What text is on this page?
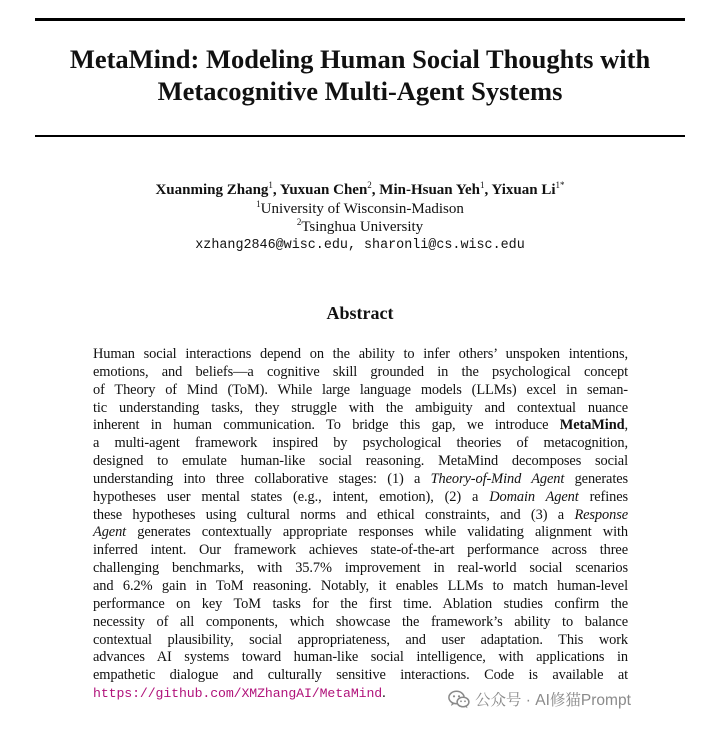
MetaMind: Modeling Human Social Thoughts with
Metacognitive Multi-Agent Systems
Xuanming Zhang$^1$, Yuxuan Chen$^2$, Min-Hsuan Yeh$^1$, Yixuan $Li^{1*}$
$^1$University of Wisconsin-Madison
$^2$Tsinghua University
xzhang2846@wisc.edu, sharonli@cs.wisc.edu
Abstract
Human social interactions depend on the ability to infer others’ unspoken intentions,
emotions, and beliefs—a cognitive skill grounded in the psychological concept
of Theory of Mind (ToM). While large language models (LLMs) excel in seman-
tic understanding tasks, they struggle with the ambiguity and contextual nuance
inherent in human communication. To bridge this gap, we introduce MetaMind,
a multi-agent framework inspired by psychological theories of metacognition,
designed to emulate human-like social reasoning. MetaMind decomposes social
understanding into three collaborative stages: (1) a Theory-of-Mind Agent generates
hypotheses user mental states (e.g., intent, emotion), (2) a Domain Agent refines
these hypotheses using cultural norms and ethical constraints, and (3) a Response
Agent generates contextually appropriate responses while validating alignment with
inferred intent. Our framework achieves state-of-the-art performance across three
challenging benchmarks, with 35.7% improvement in real-world social scenarios
and 6.2% gain in ToM reasoning. Notably, it enables LLMs to match human-level
performance on key ToM tasks for the first time. Ablation studies confirm the
necessity of all components, which showcase the framework’s ability to balance
contextual plausibility, social appropriateness, and user adaptation. This work
advances AI systems toward human-like social intelligence, with applications in
empathetic dialogue and culturally sensitive interactions. Code is available at
https://github.com/XMZhangAI/MetaMind.	公众号 · AI修猫Prompt
